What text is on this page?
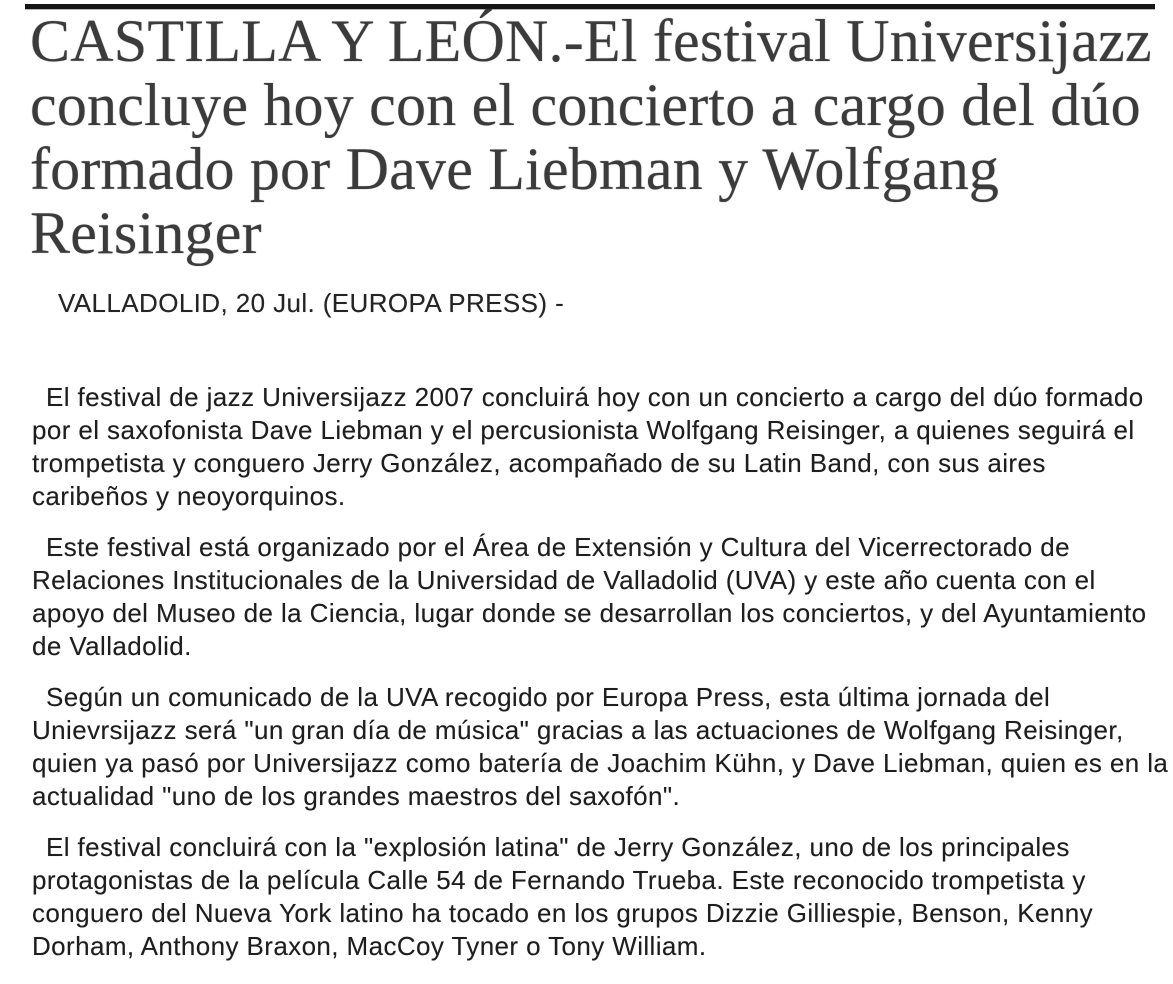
CASTILLA Y LEÓN.-El festival Universijazz
concluye hoy con el concierto a cargo del dúo
formado por Dave Liebman y Wolfgang
Reisinger

VALLADOLID, 20 Jul. (EUROPA PRESS) -

El festival de jazz Universijazz 2007 concluirá hoy con un concierto a cargo del dúo formado
por el saxofonista Dave Liebman y el percusionista Wolfgang Reisinger, a quienes seguirá el
trompetista y conguero Jerry González, acompañado de su Latin Band, con sus aires
caribeños y neoyorquinos.

Este festival está organizado por el Área de Extensión y Cultura del Vicerrectorado de
Relaciones Institucionales de la Universidad de Valladolid (UVA) y este año cuenta con el
apoyo del Museo de la Ciencia, lugar donde se desarrollan los conciertos, y del Ayuntamiento
de Valladolid.

Según un comunicado de la UVA recogido por Europa Press, esta última jornada del
Unievrsijazz será "un gran día de música" gracias a las actuaciones de Wolfgang Reisinger,
quien ya pasó por Universijazz como batería de Joachim Kühn, y Dave Liebman, quien es en la
actualidad "uno de los grandes maestros del saxofón".

El festival concluirá con la "explosión latina" de Jerry González, uno de los principales
protagonistas de la película Calle 54 de Fernando Trueba. Este reconocido trompetista y
conguero del Nueva York latino ha tocado en los grupos Dizzie Gilliespie, Benson, Kenny
Dorham, Anthony Braxon, MacCoy Tyner o Tony William.
